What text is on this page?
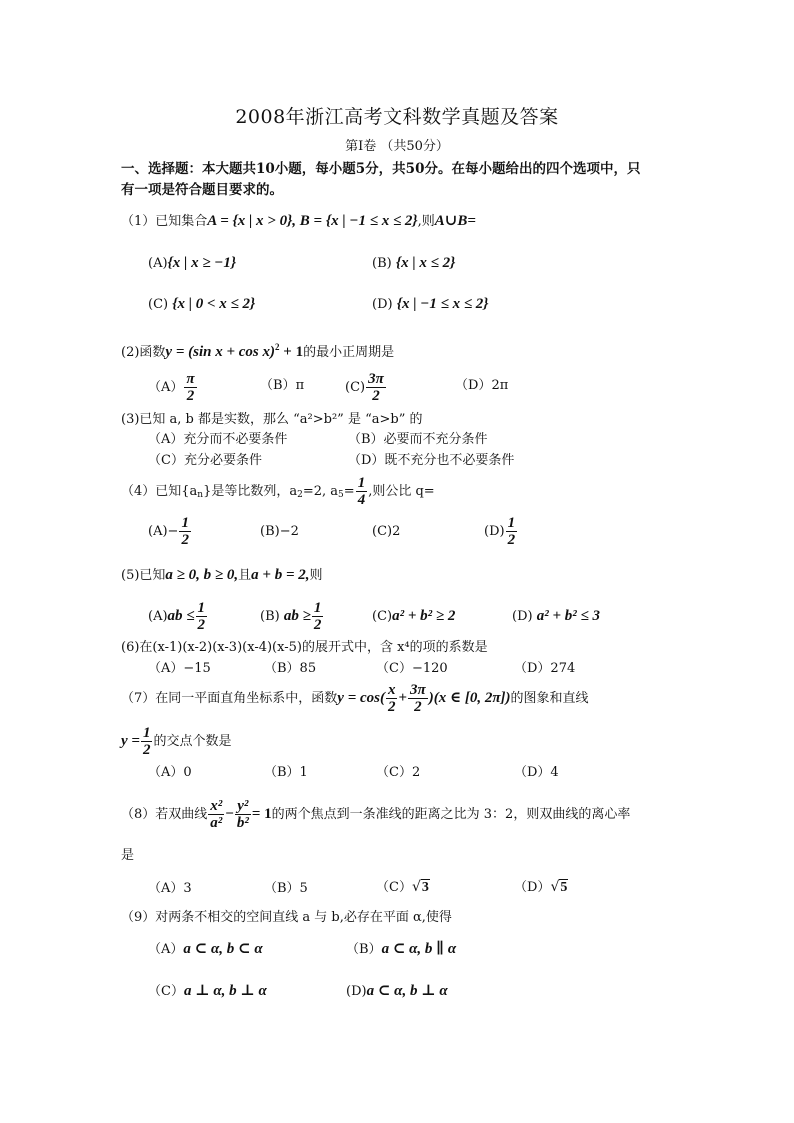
2008年浙江高考文科数学真题及答案
第Ⅰ卷 （共50分）
一、选择题：本大题共10小题，每小题5分，共50分。在每小题给出的四个选项中，只
有一项是符合题目要求的。
（1）已知集合A = {x | x > 0}, B = {x | −1 ≤ x ≤ 2},则A∪B=
(A){x | x ≥ −1}	(B) {x | x ≤ 2}
(C) {x | 0 < x ≤ 2}	(D) {x | −1 ≤ x ≤ 2}
(2)函数y = (sin x + cos x)$^2$ + 1的最小正周期是
$(A) \frac{\pi}{2}$	（B）π	$(C) \frac{3\pi}{2}$	（D）2π
(3)已知 a, b 都是实数，那么 “a²>b²” 是 “a>b” 的
（A）充分而不必要条件	（B）必要而不充分条件
（C）充分必要条件	（D）既不充分也不必要条件
（4）已知$\{a_n\}$是等比数列，$a_2=2$, $a_5= \frac{1}{4}$ ,则公比 q=
$(A)- \frac{1}{2}$	(B)−2	(C)2	$(D) \frac{1}{2}$
(5)已知a ≥ 0, b ≥ 0,且a + b = 2,则
$(A)ab \le \frac{1}{2}$	(B) ab ≥ $\frac{1}{2}$	(C)a² + b² ≥ 2	(D) a² + b² ≤ 3
(6)在(x-1)(x-2)(x-3)(x-4)(x-5)的展开式中，含 x⁴的项的系数是
（A）−15	（B）85	（C）−120	（D）274
（7）在同一平面直角坐标系中，函数$y = \cos( \frac{x}{2} + \frac{3\pi}{2} )(x$ ∈ [0, 2π])的图象和直线
$y = \frac{1}{2}$ 的交点个数是
（A）0	（B）1	（C）2	（D）4
（8）若双曲线 $\frac{\text{x²}}{\text{a²}} - \frac{\text{y²}}{\text{b²}} = 1$的两个焦点到一条准线的距离之比为 3：2，则双曲线的离心率
是
（A）3	（B）5	（C）√3	（D）√5
（9）对两条不相交的空间直线 a 与 b,必存在平面 α,使得
（A）a ⊂ α, b ⊂ α	（B）a ⊂ α, b ∥ α
（C）a ⊥ α, b ⊥ α	(D)a ⊂ α, b ⊥ α
